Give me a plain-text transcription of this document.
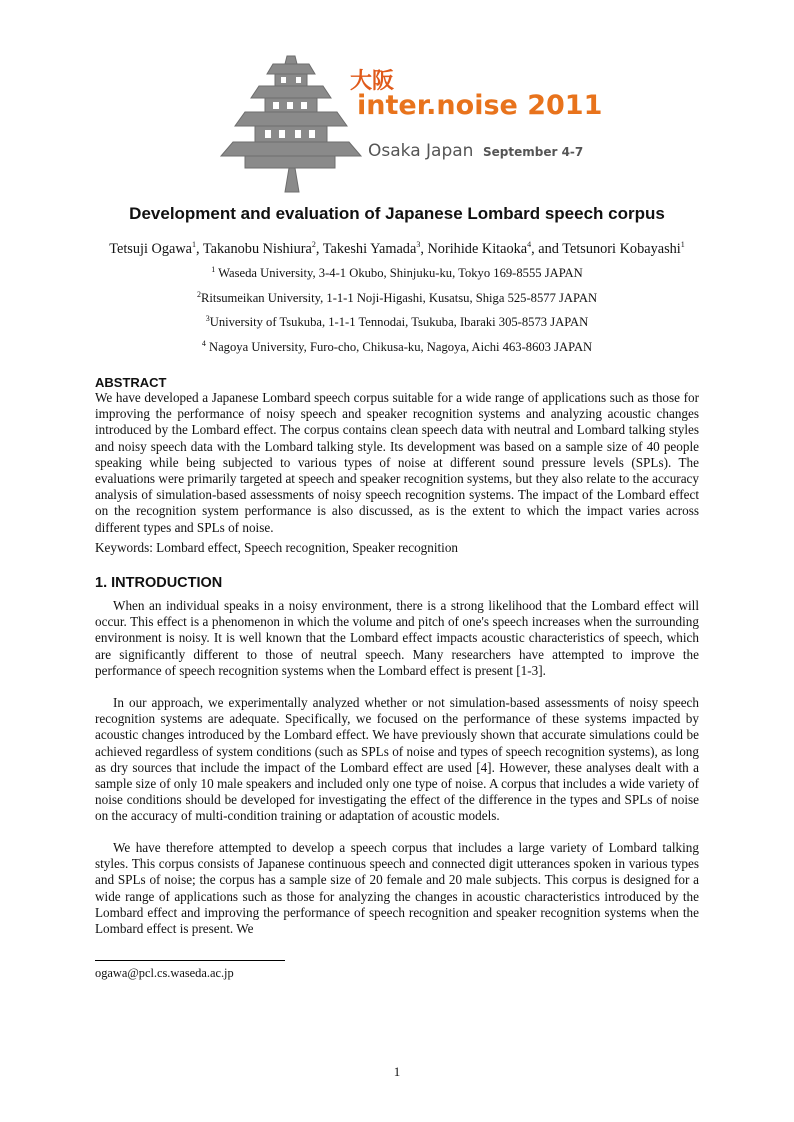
大阪
inter.noise 2011
Osaka Japan September 4-7
Development and evaluation of Japanese Lombard speech corpus
Tetsuji Ogawa$^1$, Takanobu Nishiura$^2$, Takeshi Yamada$^3$, Norihide Kitaoka$^4$, and Tetsunori Kobayashi$^1$
$^1$ Waseda University, 3-4-1 Okubo, Shinjuku-ku, Tokyo 169-8555 JAPAN
$^2$Ritsumeikan University, 1-1-1 Noji-Higashi, Kusatsu, Shiga 525-8577 JAPAN
$^3$University of Tsukuba, 1-1-1 Tennodai, Tsukuba, Ibaraki 305-8573 JAPAN
$^4$ Nagoya University, Furo-cho, Chikusa-ku, Nagoya, Aichi 463-8603 JAPAN
ABSTRACT

We have developed a Japanese Lombard speech corpus suitable for a wide range of applications such as those for improving the performance of noisy speech and speaker recognition systems and analyzing acoustic changes introduced by the Lombard effect. The corpus contains clean speech data with neutral and Lombard talking styles and noisy speech data with the Lombard talking style. Its development was based on a sample size of 40 people speaking while being subjected to various types of noise at different sound pressure levels (SPLs). The evaluations were primarily targeted at speech and speaker recognition systems, but they also relate to the accuracy analysis of simulation-based assessments of noisy speech recognition systems. The impact of the Lombard effect on the recognition system performance is also discussed, as is the extent to which the impact varies across different types and SPLs of noise.

Keywords: Lombard effect, Speech recognition, Speaker recognition

1. INTRODUCTION

When an individual speaks in a noisy environment, there is a strong likelihood that the Lombard effect will occur. This effect is a phenomenon in which the volume and pitch of one's speech increases when the surrounding environment is noisy. It is well known that the Lombard effect impacts acoustic characteristics of speech, which are significantly different to those of neutral speech. Many researchers have attempted to improve the performance of speech recognition systems when the Lombard effect is present [1-3].

In our approach, we experimentally analyzed whether or not simulation-based assessments of noisy speech recognition systems are adequate. Specifically, we focused on the performance of these systems impacted by acoustic changes introduced by the Lombard effect. We have previously shown that accurate simulations could be achieved regardless of system conditions (such as SPLs of noise and types of speech recognition systems), as long as dry sources that include the impact of the Lombard effect are used [4]. However, these analyses dealt with a sample size of only 10 male speakers and included only one type of noise. A corpus that includes a wide variety of noise conditions should be developed for investigating the effect of the difference in the types and SPLs of noise on the accuracy of multi-condition training or adaptation of acoustic models.

We have therefore attempted to develop a speech corpus that includes a large variety of Lombard talking styles. This corpus consists of Japanese continuous speech and connected digit utterances spoken in various types and SPLs of noise; the corpus has a sample size of 20 female and 20 male subjects. This corpus is designed for a wide range of applications such as those for analyzing the changes in acoustic characteristics introduced by the Lombard effect and improving the performance of speech recognition and speaker recognition systems when the Lombard effect is present. We

ogawa@pcl.cs.waseda.ac.jp
1
